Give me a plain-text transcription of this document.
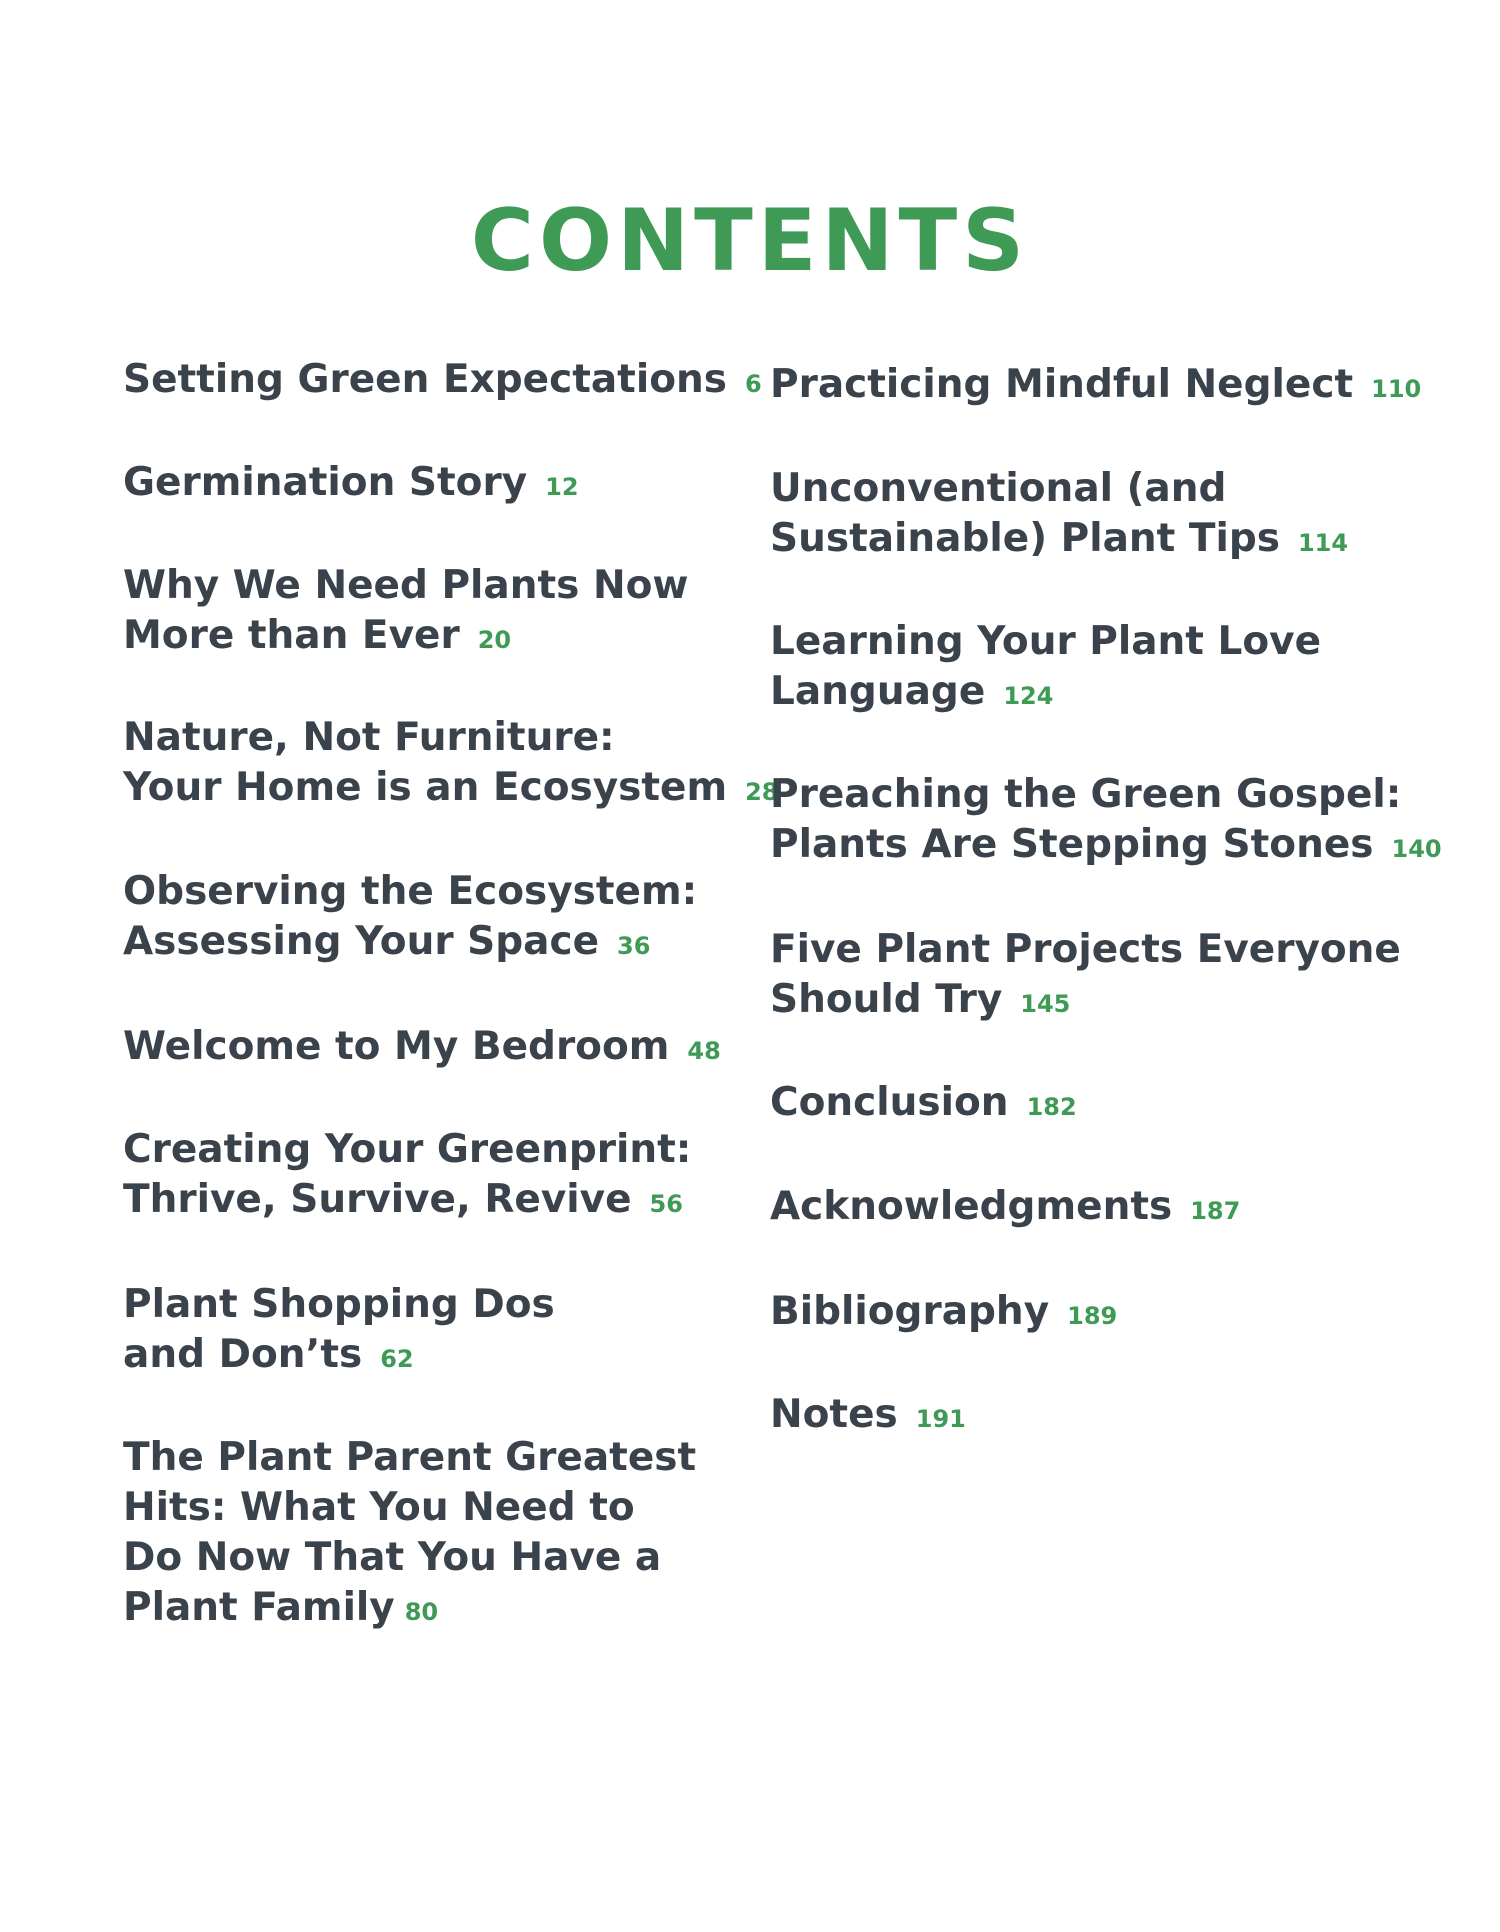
CONTENTS
Setting Green Expectations 6
Germination Story 12
Why We Need Plants Now
More than Ever 20
Nature, Not Furniture:
Your Home is an Ecosystem 28
Observing the Ecosystem:
Assessing Your Space 36
Welcome to My Bedroom 48
Creating Your Greenprint:
Thrive, Survive, Revive 56
Plant Shopping Dos
and Don’ts 62
The Plant Parent Greatest
Hits: What You Need to
Do Now That You Have a
Plant Family 80
Practicing Mindful Neglect 110
Unconventional (and
Sustainable) Plant Tips 114
Learning Your Plant Love
Language 124
Preaching the Green Gospel:
Plants Are Stepping Stones 140
Five Plant Projects Everyone
Should Try 145
Conclusion 182
Acknowledgments 187
Bibliography 189
Notes 191
